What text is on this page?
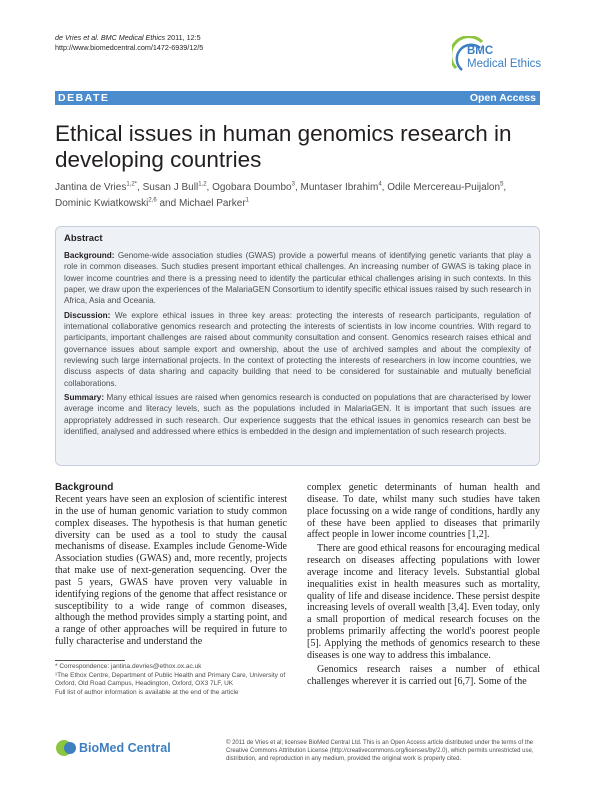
de Vries et al. BMC Medical Ethics 2011, 12:5
http://www.biomedcentral.com/1472-6939/12/5	BMC
Medical Ethics
DEBATE	Open Access
Ethical issues in human genomics research in developing countries
Jantina de Vries$^{1,2*}$, Susan J Bull$^{1,2}$, Ogobara Doumbo$^3$, Muntaser Ibrahim$^4$, Odile Mercereau-Puijalon$^5$, Dominic Kwiatkowski$^{2,6}$ and Michael Parker$^1$
Abstract

Background: Genome-wide association studies (GWAS) provide a powerful means of identifying genetic variants that play a role in common diseases. Such studies present important ethical challenges. An increasing number of GWAS is taking place in lower income countries and there is a pressing need to identify the particular ethical challenges arising in such contexts. In this paper, we draw upon the experiences of the MalariaGEN Consortium to identify specific ethical issues raised by such research in Africa, Asia and Oceania.

Discussion: We explore ethical issues in three key areas: protecting the interests of research participants, regulation of international collaborative genomics research and protecting the interests of scientists in low income countries. With regard to participants, important challenges are raised about community consultation and consent. Genomics research raises ethical and governance issues about sample export and ownership, about the use of archived samples and about the complexity of reviewing such large international projects. In the context of protecting the interests of researchers in low income countries, we discuss aspects of data sharing and capacity building that need to be considered for sustainable and mutually beneficial collaborations.

Summary: Many ethical issues are raised when genomics research is conducted on populations that are characterised by lower average income and literacy levels, such as the populations included in MalariaGEN. It is important that such issues are appropriately addressed in such research. Our experience suggests that the ethical issues in genomics research can best be identified, analysed and addressed where ethics is embedded in the design and implementation of such research projects.

Background

Recent years have seen an explosion of scientific interest in the use of human genomic variation to study common complex diseases. The hypothesis is that human genetic diversity can be used as a tool to study the causal mechanisms of disease. Examples include Genome-Wide Association studies (GWAS) and, more recently, projects that make use of next-generation sequencing. Over the past 5 years, GWAS have proven very valuable in identifying regions of the genome that affect resistance or susceptibility to a wide range of common diseases, although the method provides simply a starting point, and a range of other approaches will be required in future to fully characterise and understand the

* Correspondence: jantina.devries@ethox.ox.ac.uk
¹The Ethox Centre, Department of Public Health and Primary Care, University of Oxford, Old Road Campus, Headington, Oxford, OX3 7LF, UK
Full list of author information is available at the end of the article

complex genetic determinants of human health and disease. To date, whilst many such studies have taken place focussing on a wide range of conditions, hardly any of these have been applied to diseases that primarily affect people in lower income countries [1,2].

There are good ethical reasons for encouraging medical research on diseases affecting populations with lower average income and literacy levels. Substantial global inequalities exist in health measures such as mortality, quality of life and disease incidence. These persist despite increasing levels of overall wealth [3,4]. Even today, only a small proportion of medical research focuses on the problems primarily affecting the world's poorest people [5]. Applying the methods of genomics research to these diseases is one way to address this imbalance.

Genomics research raises a number of ethical challenges wherever it is carried out [6,7]. Some of the

BioMed Central	© 2011 de Vries et al; licensee BioMed Central Ltd. This is an Open Access article distributed under the terms of the Creative Commons Attribution License (http://creativecommons.org/licenses/by/2.0), which permits unrestricted use, distribution, and reproduction in any medium, provided the original work is properly cited.
